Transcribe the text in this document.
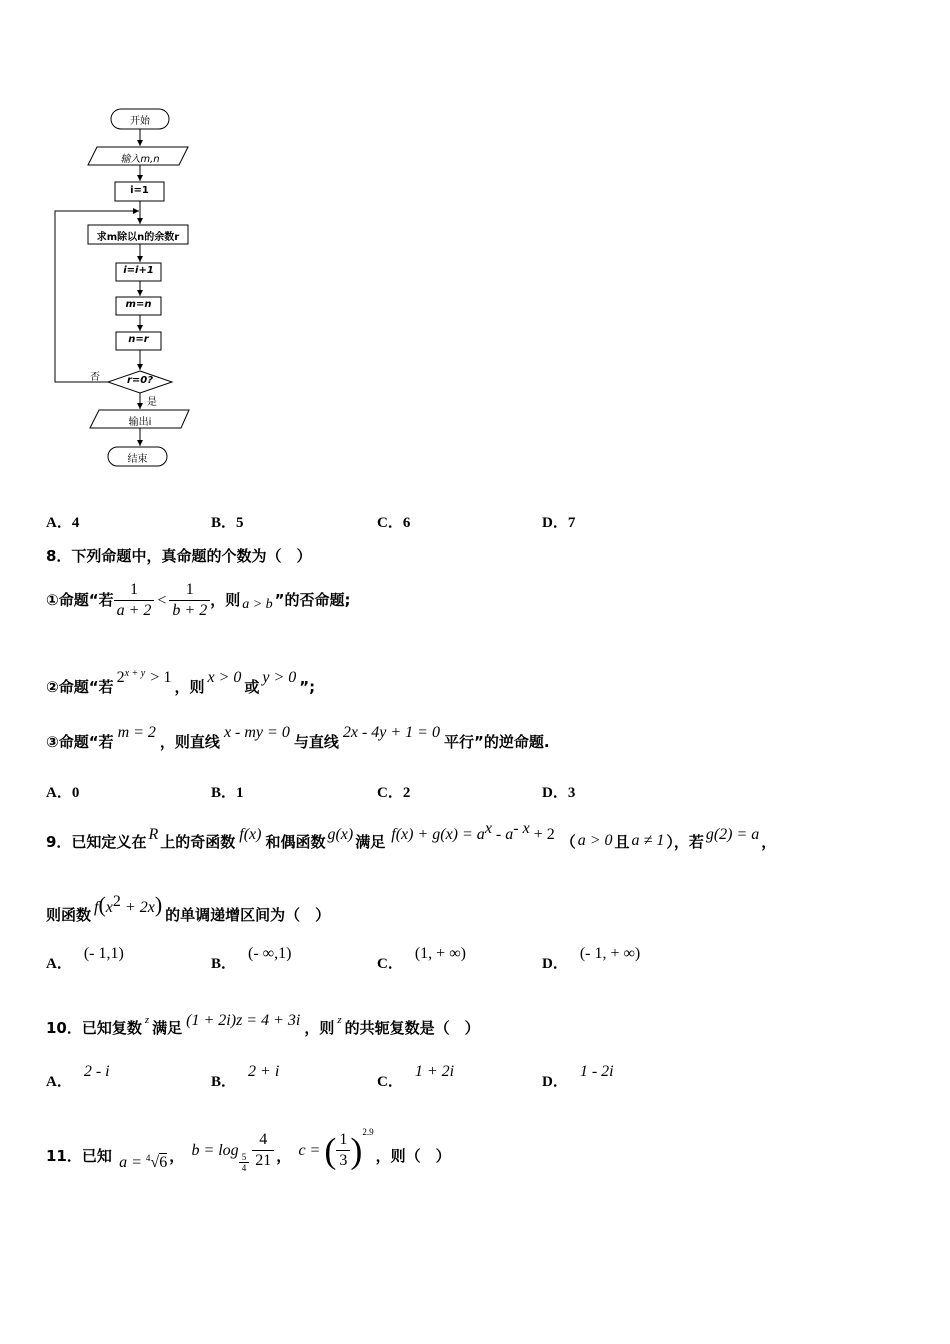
开始
输入m,n
i=1
求m除以n的余数r
i=i+1
m=n
n=r
r=0?
否
是
输出i
结束
A．4	B．5	C．6	D．7
8．下列命题中，真命题的个数为（　）
①命题“若 $\frac{1}{a + 2} < \frac{1}{b + 2}$ ，则 a > b ”的否命题;
②命题“若$2^{x + y} > 1$，则x > 0或y > 0”;
③命题“若m = 2，则直线x - my = 0与直线2x - 4y + 1 = 0平行”的逆命题.
A．0	B．1	C．2	D．3
9．已知定义在 R 上的奇函数 f(x) 和偶函数 g(x) 满足 $f(x) + g(x) = a^x - a^{- x} + 2$ （ a > 0 且 a ≠ 1 ），若 g(2) = a ，
则函数 $f(x^2 + 2x)$ 的单调递增区间为（　）
A．(- 1,1)
B．(- ∞,1)
C．(1, + ∞)
D．(- 1, + ∞)
10．已知复数 $^z$ 满足 (1 + 2i)z = 4 + 3i ，则 $^z$ 的共轭复数是（　）
A．2 - i
B．2 + i
C．1 + 2i
D．1 - 2i
11．已知 a = $^4$√6 ， b = log
$\frac{5}{4} \frac{4}{21}$ ， c = ( $\frac{1}{3} )^{2.9}$，则（　）
